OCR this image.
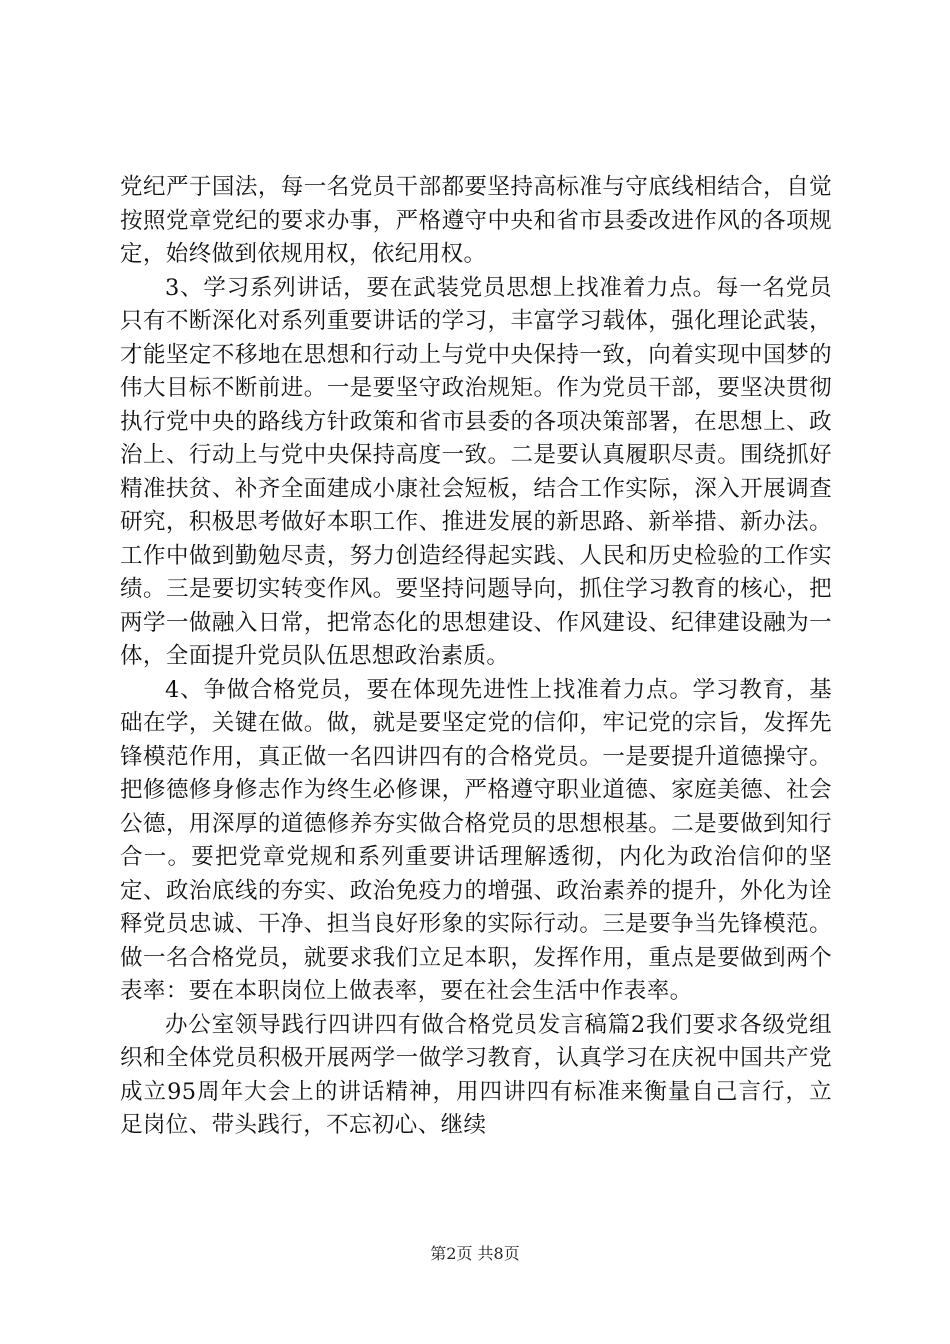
党纪严于国法，每一名党员干部都要坚持高标准与守底线相结合，自觉按照党章党纪的要求办事，严格遵守中央和省市县委改进作风的各项规定，始终做到依规用权，依纪用权。

3、学习系列讲话，要在武装党员思想上找准着力点。每一名党员只有不断深化对系列重要讲话的学习，丰富学习载体，强化理论武装，才能坚定不移地在思想和行动上与党中央保持一致，向着实现中国梦的伟大目标不断前进。一是要坚守政治规矩。作为党员干部，要坚决贯彻执行党中央的路线方针政策和省市县委的各项决策部署，在思想上、政治上、行动上与党中央保持高度一致。二是要认真履职尽责。围绕抓好精准扶贫、补齐全面建成小康社会短板，结合工作实际，深入开展调查研究，积极思考做好本职工作、推进发展的新思路、新举措、新办法。工作中做到勤勉尽责，努力创造经得起实践、人民和历史检验的工作实绩。三是要切实转变作风。要坚持问题导向，抓住学习教育的核心，把两学一做融入日常，把常态化的思想建设、作风建设、纪律建设融为一体，全面提升党员队伍思想政治素质。

4、争做合格党员，要在体现先进性上找准着力点。学习教育，基础在学，关键在做。做，就是要坚定党的信仰，牢记党的宗旨，发挥先锋模范作用，真正做一名四讲四有的合格党员。一是要提升道德操守。把修德修身修志作为终生必修课，严格遵守职业道德、家庭美德、社会公德，用深厚的道德修养夯实做合格党员的思想根基。二是要做到知行合一。要把党章党规和系列重要讲话理解透彻，内化为政治信仰的坚定、政治底线的夯实、政治免疫力的增强、政治素养的提升，外化为诠释党员忠诚、干净、担当良好形象的实际行动。三是要争当先锋模范。做一名合格党员，就要求我们立足本职，发挥作用，重点是要做到两个表率：要在本职岗位上做表率，要在社会生活中作表率。

办公室领导践行四讲四有做合格党员发言稿篇2我们要求各级党组织和全体党员积极开展两学一做学习教育，认真学习在庆祝中国共产党成立95周年大会上的讲话精神，用四讲四有标准来衡量自己言行，立足岗位、带头践行，不忘初心、继续

第2页 共8页
